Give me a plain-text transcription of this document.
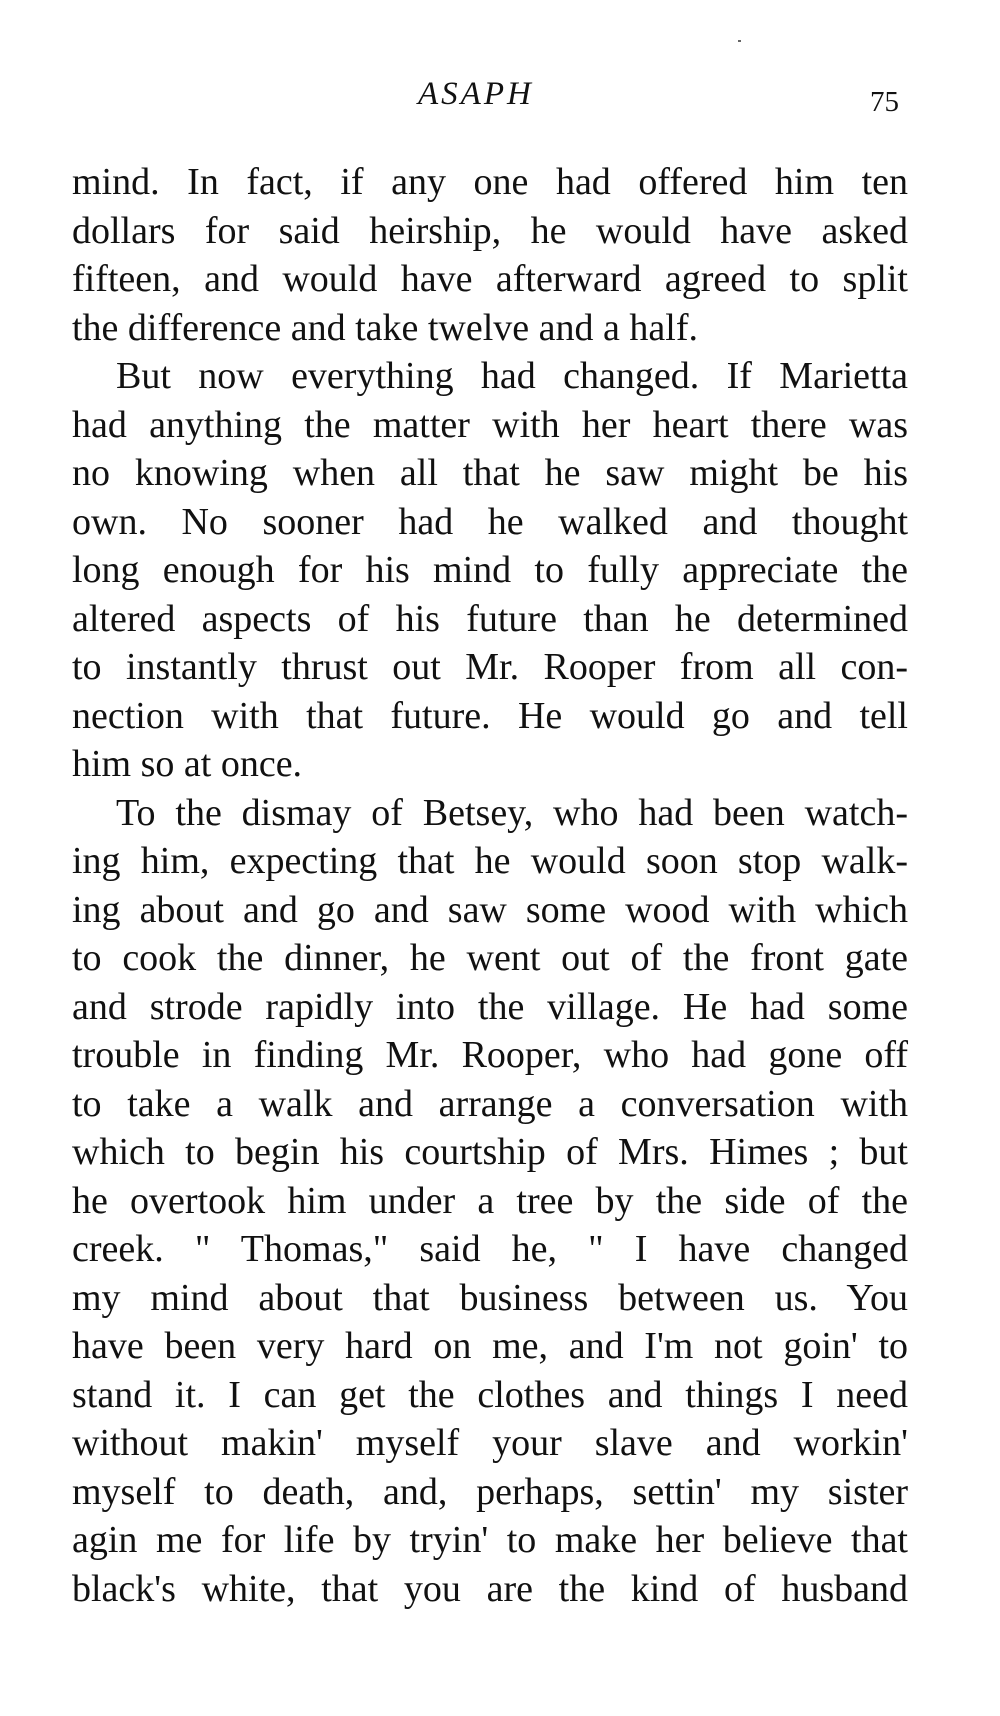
ASAPH	75
mind. In fact, if any one had offered him ten
dollars for said heirship, he would have asked
fifteen, and would have afterward agreed to split
the difference and take twelve and a half.
But now everything had changed. If Marietta
had anything the matter with her heart there was
no knowing when all that he saw might be his
own. No sooner had he walked and thought
long enough for his mind to fully appreciate the
altered aspects of his future than he determined
to instantly thrust out Mr. Rooper from all con-
nection with that future. He would go and tell
him so at once.
To the dismay of Betsey, who had been watch-
ing him, expecting that he would soon stop walk-
ing about and go and saw some wood with which
to cook the dinner, he went out of the front gate
and strode rapidly into the village. He had some
trouble in finding Mr. Rooper, who had gone off
to take a walk and arrange a conversation with
which to begin his courtship of Mrs. Himes ; but
he overtook him under a tree by the side of the
creek. " Thomas," said he, " I have changed
my mind about that business between us. You
have been very hard on me, and I'm not goin' to
stand it. I can get the clothes and things I need
without makin' myself your slave and workin'
myself to death, and, perhaps, settin' my sister
agin me for life by tryin' to make her believe that
black's white, that you are the kind of husband
